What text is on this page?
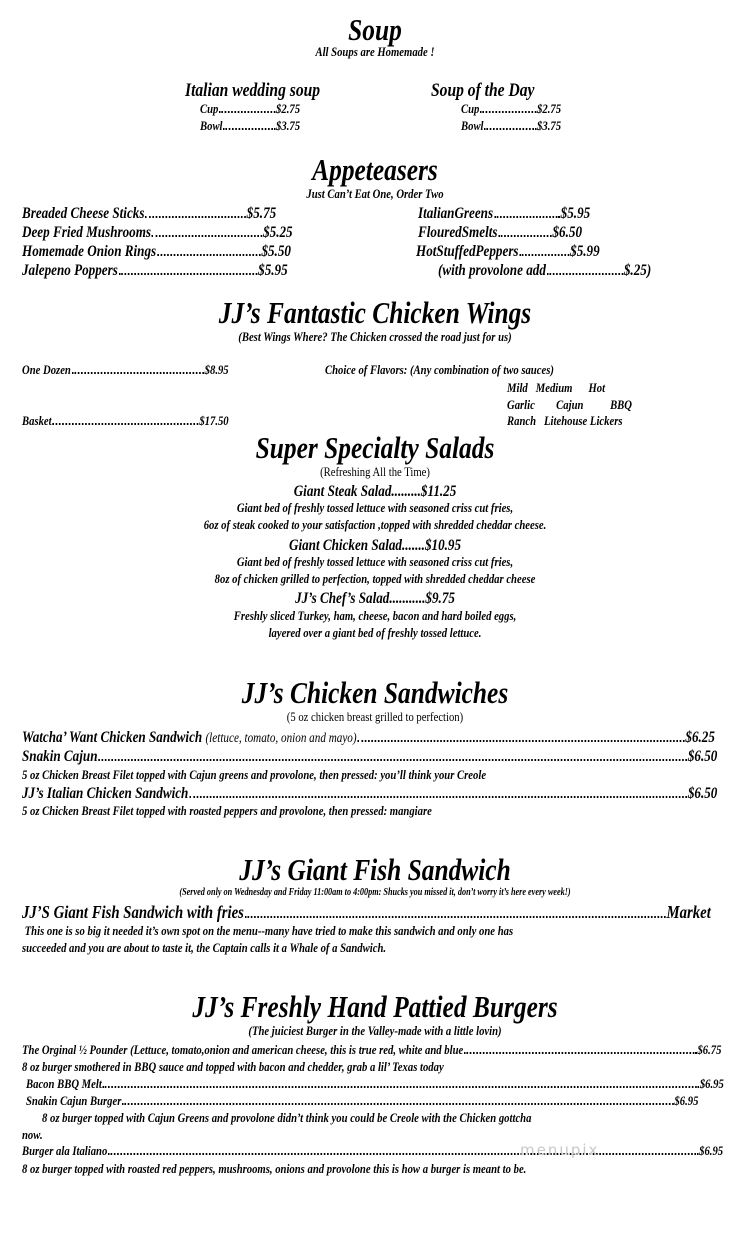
Soup
All Soups are Homemade !
Italian wedding soup
Cup	$2.75
Bowl	$3.75
Soup of the Day
Cup	$2.75
Bowl	$3.75
Appeteasers
Just Can’t Eat One, Order Two
Breaded Cheese Sticks	$5.75
Deep Fried Mushrooms	$5.25
Homemade Onion Rings	$5.50
Jalepeno Poppers	$5.95
ItalianGreens	$5.95
FlouredSmelts	$6.50
HotStuffedPeppers	$5.99
(with provolone add	$.25)
JJ’s Fantastic Chicken Wings
(Best Wings Where? The Chicken crossed the road just for us)
One Dozen	$8.95
Basket	$17.50
Choice of Flavors: (Any combination of two sauces)
Mild Medium Hot
Garlic Cajun BBQ
Ranch Litehouse Lickers
Super Specialty Salads
(Refreshing All the Time)
Giant Steak Salad.........$11.25
Giant bed of freshly tossed lettuce with seasoned criss cut fries,
6oz of steak cooked to your satisfaction ,topped with shredded cheddar cheese.
Giant Chicken Salad.......$10.95
Giant bed of freshly tossed lettuce with seasoned criss cut fries,
8oz of chicken grilled to perfection, topped with shredded cheddar cheese
JJ’s Chef’s Salad...........$9.75
Freshly sliced Turkey, ham, cheese, bacon and hard boiled eggs,
layered over a giant bed of freshly tossed lettuce.
JJ’s Chicken Sandwiches
(5 oz chicken breast grilled to perfection)
Watcha’ Want Chicken Sandwich
(lettuce, tomato, onion and mayo)	$6.25
Snakin Cajun	$6.50
5 oz Chicken Breast Filet topped with Cajun greens and provolone, then pressed: you’ll think your Creole
JJ’s Italian Chicken Sandwich	$6.50
5 oz Chicken Breast Filet topped with roasted peppers and provolone, then pressed: mangiare
JJ’s Giant Fish Sandwich
(Served only on Wednesday and Friday 11:00am to 4:00pm: Shucks you missed it, don’t worry it’s here every week!)
JJ’S Giant Fish Sandwich with fries	Market
This one is so big it needed it’s own spot on the menu--many have tried to make this sandwich and only one has
succeeded and you are about to taste it, the Captain calls it a Whale of a Sandwich.
JJ’s Freshly Hand Pattied Burgers
(The juiciest Burger in the Valley-made with a little lovin)
The Orginal ½ Pounder (Lettuce, tomato,onion and american cheese, this is true red, white and blue	$6.75
8 oz burger smothered in BBQ sauce and topped with bacon and chedder, grab a lil’ Texas today
Bacon BBQ Melt	$6.95
Snakin Cajun Burger	$6.95
8 oz burger topped with Cajun Greens and provolone didn’t think you could be Creole with the Chicken gottcha
now.
Burger ala Italiano	$6.95
8 oz burger topped with roasted red peppers, mushrooms, onions and provolone this is how a burger is meant to be.
menupix
